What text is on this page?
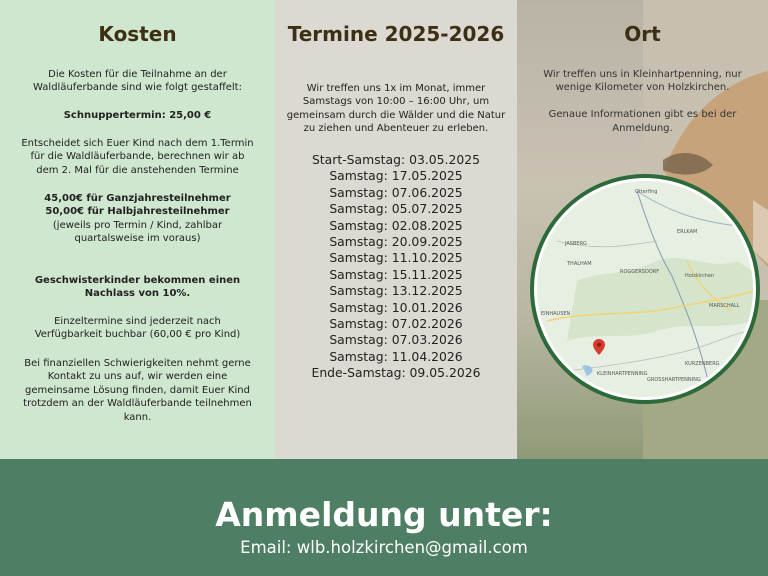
Kosten
Die Kosten für die Teilnahme an der
Waldläuferbande sind wie folgt gestaffelt:
Schnuppertermin: 25,00 €
Entscheidet sich Euer Kind nach dem 1.Termin
für die Waldläuferbande, berechnen wir ab
dem 2. Mal für die anstehenden Termine
45,00€ für Ganzjahresteilnehmer
50,00€ für Halbjahresteilnehmer
(jeweils pro Termin / Kind, zahlbar
quartalsweise im voraus)
Geschwisterkinder bekommen einen
Nachlass von 10%.
Einzeltermine sind jederzeit nach
Verfügbarkeit buchbar (60,00 € pro Kind)
Bei finanziellen Schwierigkeiten nehmt gerne
Kontakt zu uns auf, wir werden eine
gemeinsame Lösung finden, damit Euer Kind
trotzdem an der Waldläuferbande teilnehmen
kann.
Termine 2025-2026
Wir treffen uns 1x im Monat, immer
Samstags von 10:00 – 16:00 Uhr, um
gemeinsam durch die Wälder und die Natur
zu ziehen und Abenteuer zu erleben.
Start-Samstag: 03.05.2025
Samstag: 17.05.2025
Samstag: 07.06.2025
Samstag: 05.07.2025
Samstag: 02.08.2025
Samstag: 20.09.2025
Samstag: 11.10.2025
Samstag: 15.11.2025
Samstag: 13.12.2025
Samstag: 10.01.2026
Samstag: 07.02.2026
Samstag: 07.03.2026
Samstag: 11.04.2026
Ende-Samstag: 09.05.2026
Ort
Wir treffen uns in Kleinhartpenning, nur
wenige Kilometer von Holzkirchen.
Genaue Informationen gibt es bei der
Anmeldung.
Otterfing
Holzkirchen
KLEINHARTPENNING
GROSSHARTPENNING
ERLKAM
THALHAM
ROGGERSDORF
EINHAUSEN
KURZENBERG
MARSCHALL
JASBERG
Anmeldung unter:
Email: wlb.holzkirchen@gmail.com
